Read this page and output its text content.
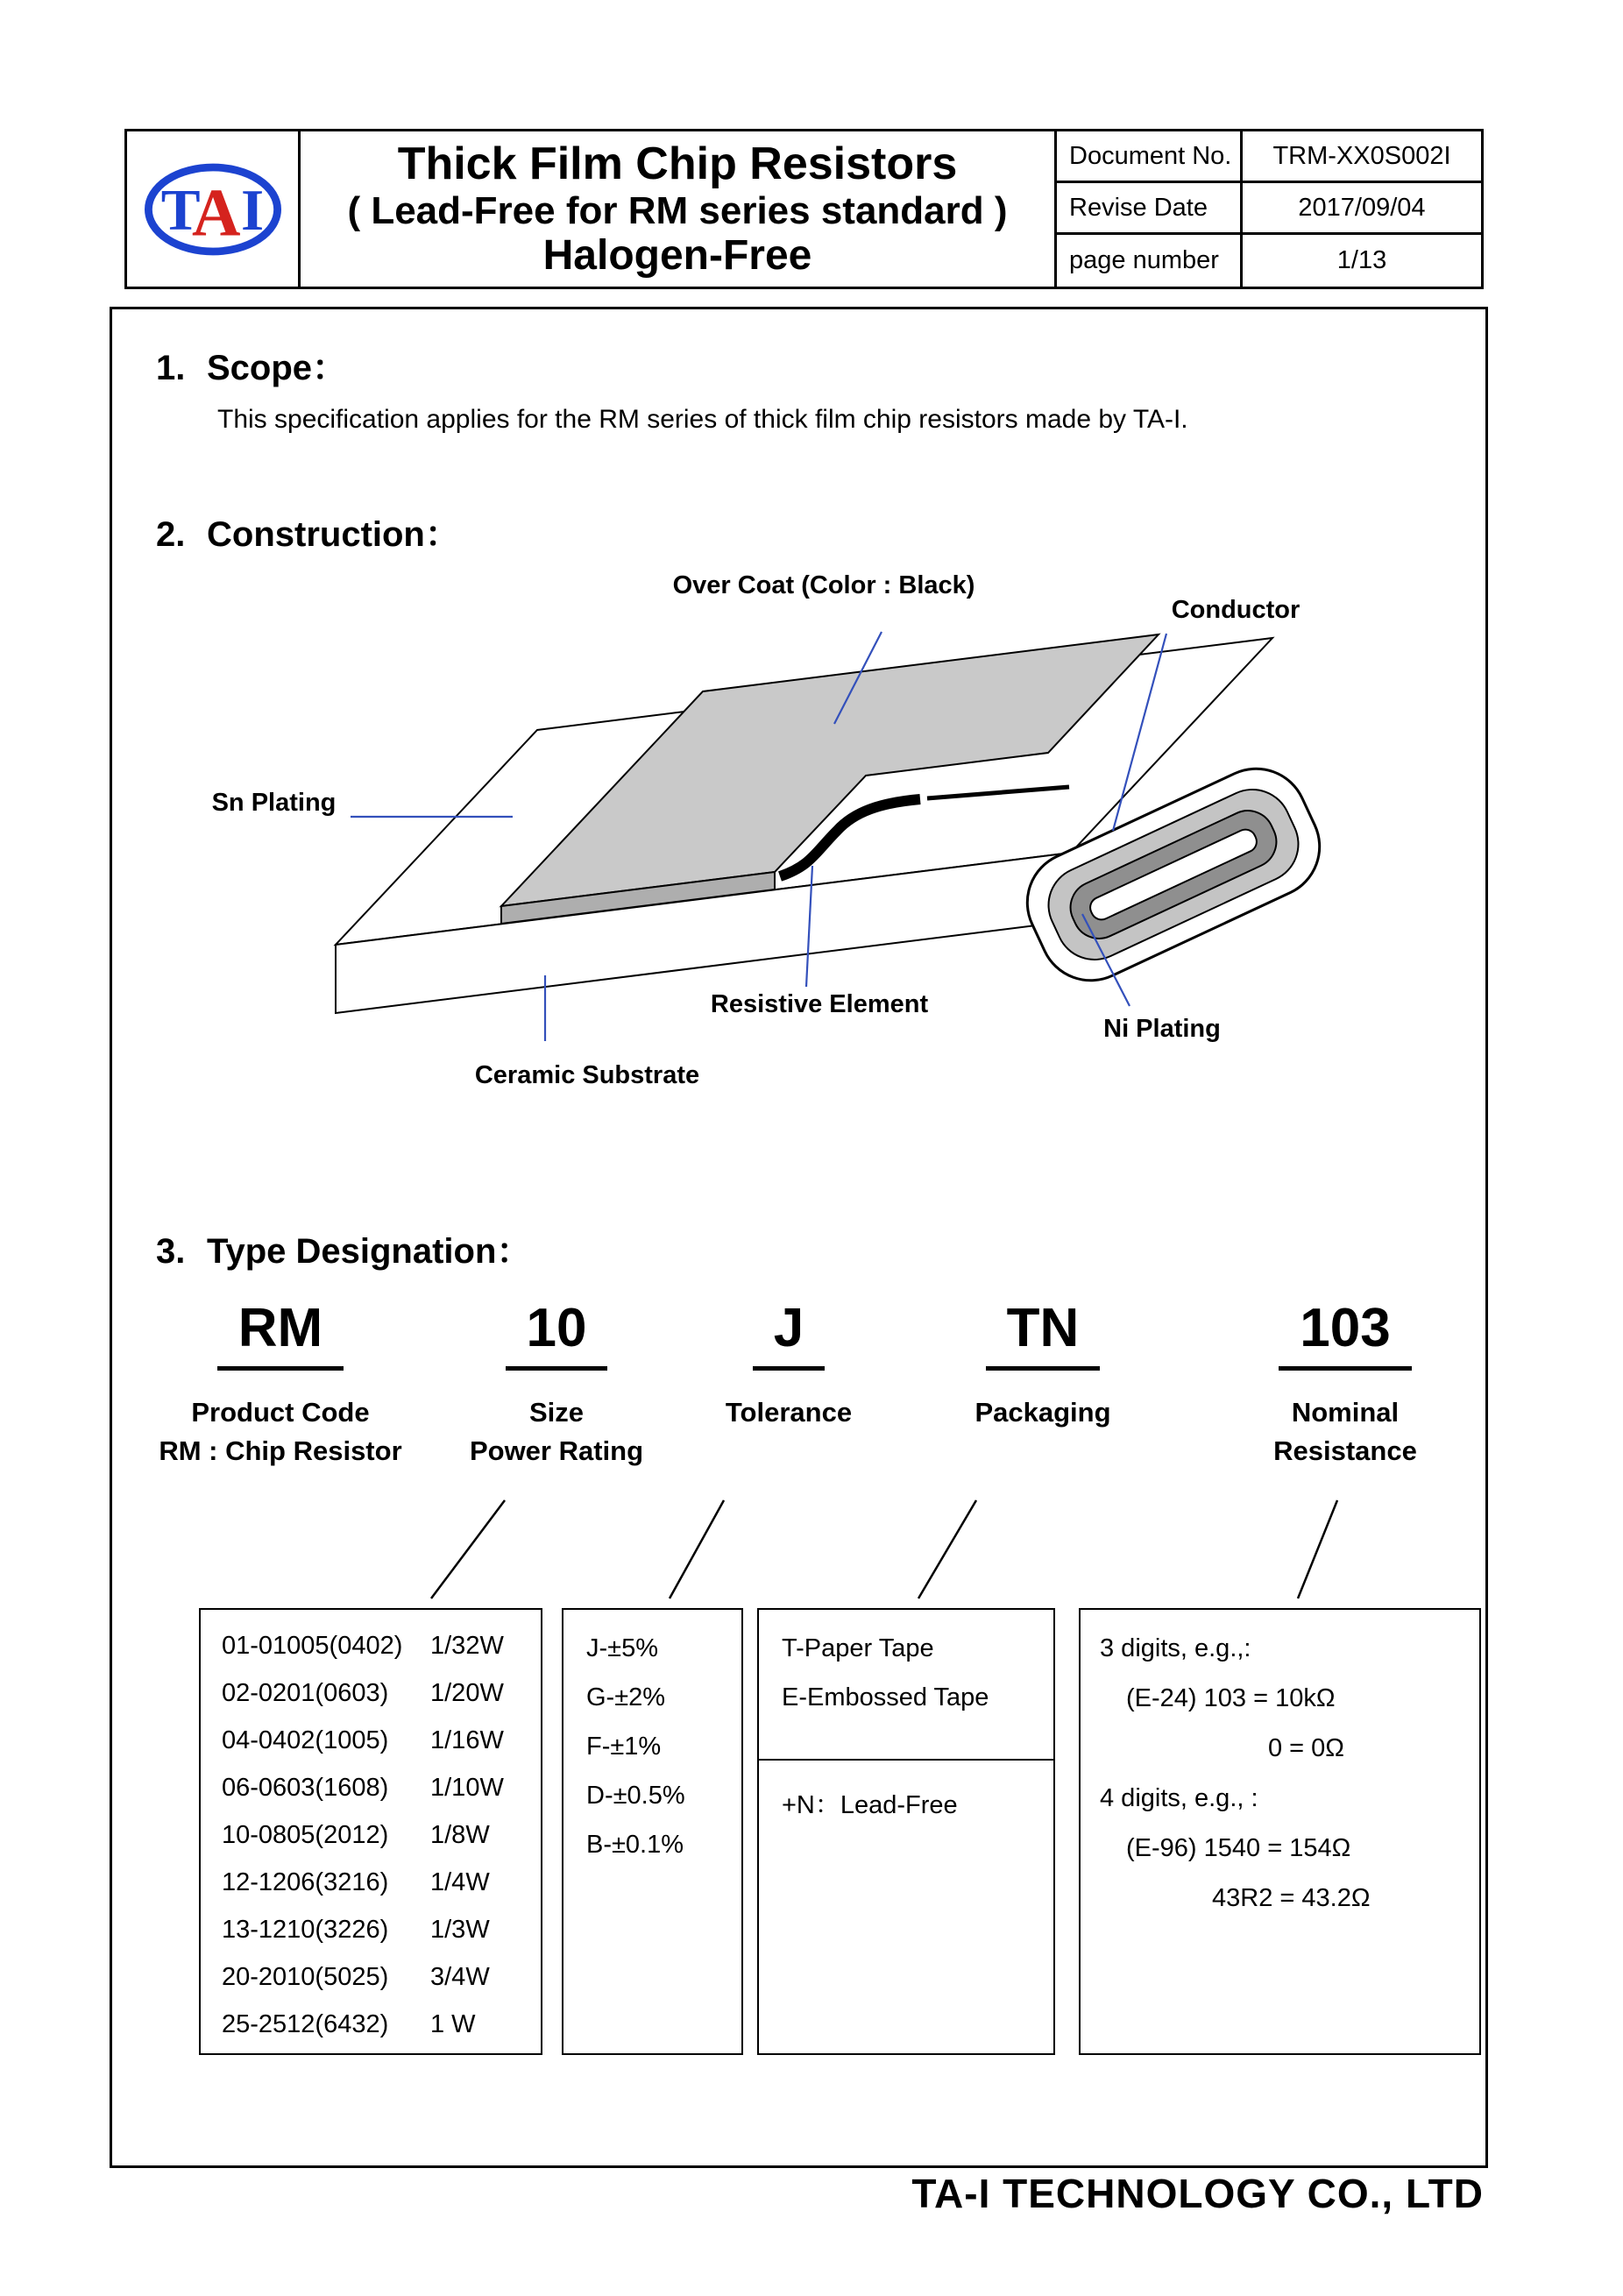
T
A I
Thick Film Chip Resistors
( Lead-Free for RM series standard )
Halogen-Free
Document No.	TRM-XX0S002I
Revise Date	2017/09/04
page number	1/13
1. Scope：
This specification applies for the RM series of thick film chip resistors made by TA-I.
2. Construction：
Over Coat (Color : Black)
Conductor
Sn Plating
Resistive Element
Ni Plating
Ceramic Substrate
3. Type Designation：
RM
Product Code
RM : Chip Resistor
10
Size
Power Rating
J
Tolerance
TN
Packaging
103
Nominal
Resistance
01-01005(0402)	1/32W
02-0201(0603)	1/20W
04-0402(1005)	1/16W
06-0603(1608)	1/10W
10-0805(2012)	1/8W
12-1206(3216)	1/4W
13-1210(3226)	1/3W
20-2010(5025)	3/4W
25-2512(6432)	1 W
J-±5%
G-±2%
F-±1%
D-±0.5%
B-±0.1%
T-Paper Tape
E-Embossed Tape
+N：Lead-Free
3 digits, e.g.,:
(E-24) 103 = 10kΩ
0 = 0Ω
4 digits, e.g., :
(E-96) 1540 = 154Ω
43R2 = 43.2Ω
TA-I TECHNOLOGY CO., LTD
